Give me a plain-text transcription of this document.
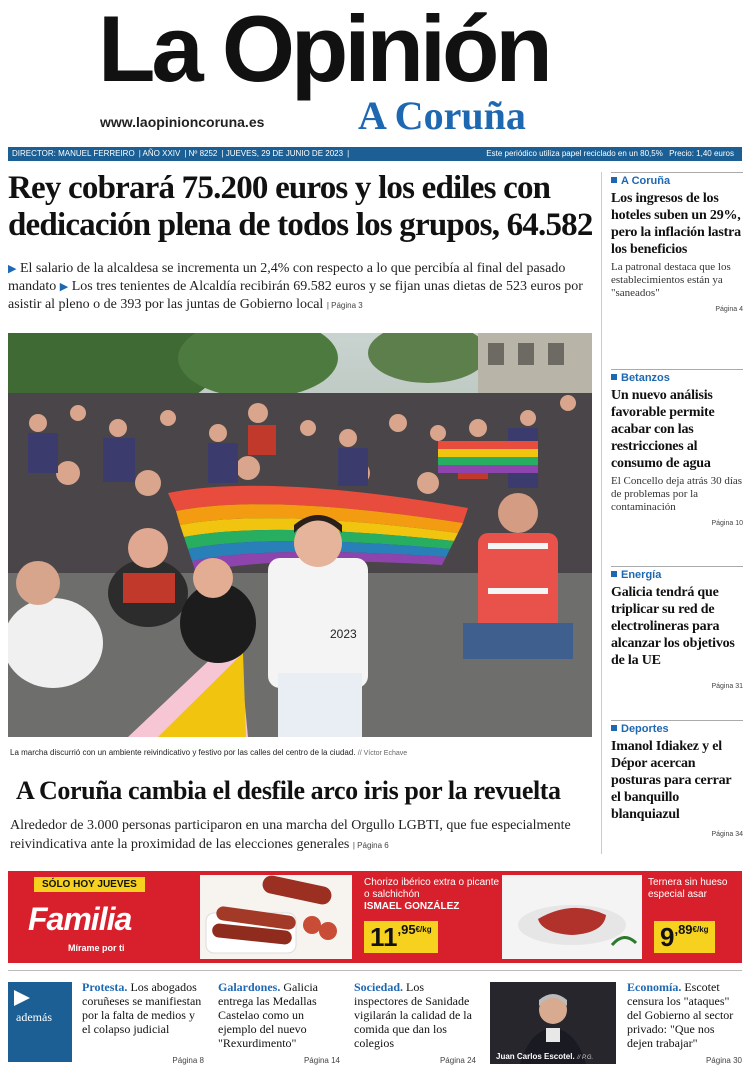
La Opinión
www.laopinioncoruna.es A Coruña
DIRECTOR: MANUEL FERREIRO | AÑO XXIV | Nº 8252 | JUEVES, 29 DE JUNIO DE 2023 |	Este periódico utiliza papel reciclado en un 80,5% Precio: 1,40 euros
Rey cobrará 75.200 euros y los ediles con dedicación plena de todos los grupos, 64.582
▶ El salario de la alcaldesa se incrementa un 2,4% con respecto a lo que percibía al final del pasado mandato ▶ Los tres tenientes de Alcaldía recibirán 69.582 euros y se fijan unas dietas de 523 euros por asistir al pleno o de 393 por las juntas de Gobierno local | Página 3
2023
La marcha discurrió con un ambiente reivindicativo y festivo por las calles del centro de la ciudad. // Víctor Echave
A Coruña cambia el desfile arco iris por la revuelta
Alrededor de 3.000 personas participaron en una marcha del Orgullo LGBTI, que fue especialmente reivindicativa ante la proximidad de las elecciones generales | Página 6
A Coruña
Los ingresos de los hoteles suben un 29%, pero la inflación lastra los beneficios

La patronal destaca que los establecimientos están ya "saneados"

Página 4
Betanzos
Un nuevo análisis favorable permite acabar con las restricciones al consumo de agua

El Concello deja atrás 30 días de problemas por la contaminación

Página 10
Energía
Galicia tendrá que triplicar su red de electrolineras para alcanzar los objetivos de la UE
Página 31
Deportes
Imanol Idiakez y el Dépor acercan posturas para cerrar el banquillo blanquiazul
Página 34
SÓLO HOY JUEVES
Familia
Mírame por ti
Chorizo ibérico extra o picante o salchichón
ISMAEL GONZÁLEZ
$11^{,95€/kg}$
Ternera sin hueso especial asar
$9^{,89€/kg}$
además
Protesta. Los abogados coruñeses se manifiestan por la falta de medios y el colapso judicial
Página 8
Galardones. Galicia entrega las Medallas Castelao como un ejemplo del nuevo "Rexurdimento"
Página 14
Sociedad. Los inspectores de Sanidade vigilarán la calidad de la comida que dan los colegios
Página 24	Juan Carlos Escotel. // P.G.
Economía. Escotet censura los "ataques" del Gobierno al sector privado: "Que nos dejen trabajar"
Página 30
